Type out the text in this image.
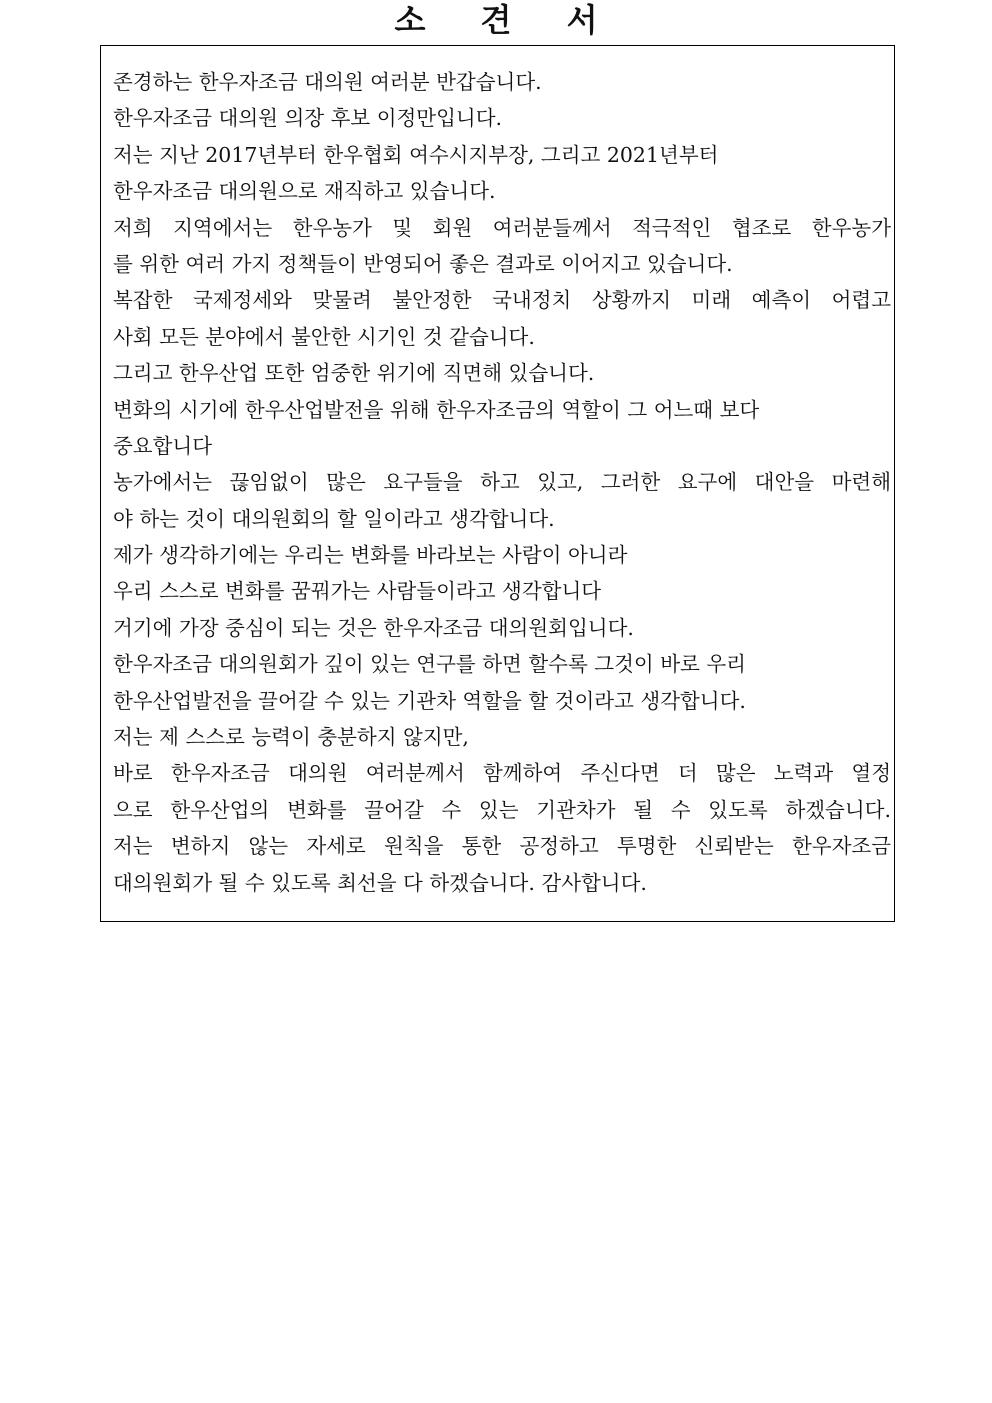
소 견 서
존경하는 한우자조금 대의원 여러분 반갑습니다.
한우자조금 대의원 의장 후보 이정만입니다.
저는 지난 2017년부터 한우협회 여수시지부장, 그리고 2021년부터
한우자조금 대의원으로 재직하고 있습니다.
저희 지역에서는 한우농가 및 회원 여러분들께서 적극적인 협조로 한우농가
를 위한 여러 가지 정책들이 반영되어 좋은 결과로 이어지고 있습니다.
복잡한 국제정세와 맞물려 불안정한 국내정치 상황까지 미래 예측이 어렵고
사회 모든 분야에서 불안한 시기인 것 같습니다.
그리고 한우산업 또한 엄중한 위기에 직면해 있습니다.
변화의 시기에 한우산업발전을 위해 한우자조금의 역할이 그 어느때 보다
중요합니다
농가에서는 끊임없이 많은 요구들을 하고 있고, 그러한 요구에 대안을 마련해
야 하는 것이 대의원회의 할 일이라고 생각합니다.
제가 생각하기에는 우리는 변화를 바라보는 사람이 아니라
우리 스스로 변화를 꿈꿔가는 사람들이라고 생각합니다
거기에 가장 중심이 되는 것은 한우자조금 대의원회입니다.
한우자조금 대의원회가 깊이 있는 연구를 하면 할수록 그것이 바로 우리
한우산업발전을 끌어갈 수 있는 기관차 역할을 할 것이라고 생각합니다.
저는 제 스스로 능력이 충분하지 않지만,
바로 한우자조금 대의원 여러분께서 함께하여 주신다면 더 많은 노력과 열정
으로 한우산업의 변화를 끌어갈 수 있는 기관차가 될 수 있도록 하겠습니다.
저는 변하지 않는 자세로 원칙을 통한 공정하고 투명한 신뢰받는 한우자조금
대의원회가 될 수 있도록 최선을 다 하겠습니다. 감사합니다.
